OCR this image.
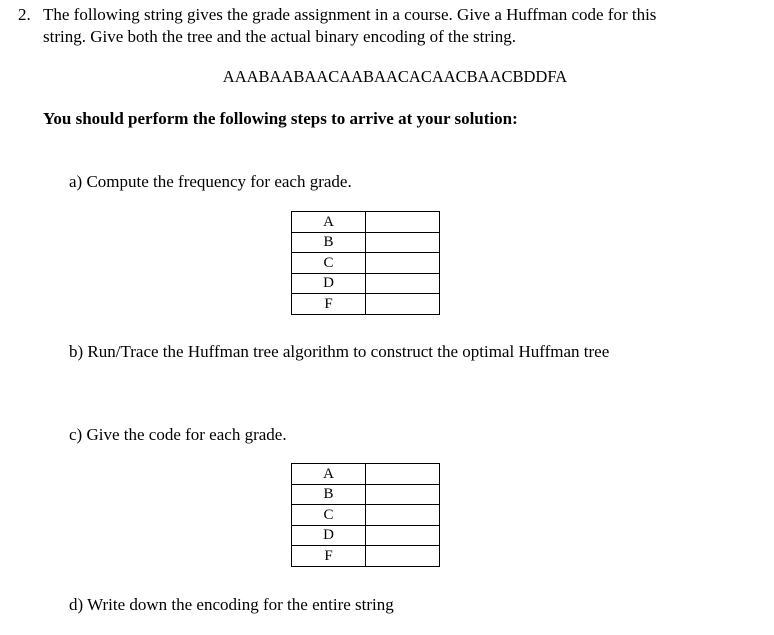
2. The following string gives the grade assignment in a course. Give a Huffman code for this
string. Give both the tree and the actual binary encoding of the string.
AAABAABAACAABAACACAACBAACBDDFA
You should perform the following steps to arrive at your solution:
a) Compute the frequency for each grade.
A	
B	
C	
D	
F	
b) Run/Trace the Huffman tree algorithm to construct the optimal Huffman tree
c) Give the code for each grade.
A	
B	
C	
D	
F	
d) Write down the encoding for the entire string
